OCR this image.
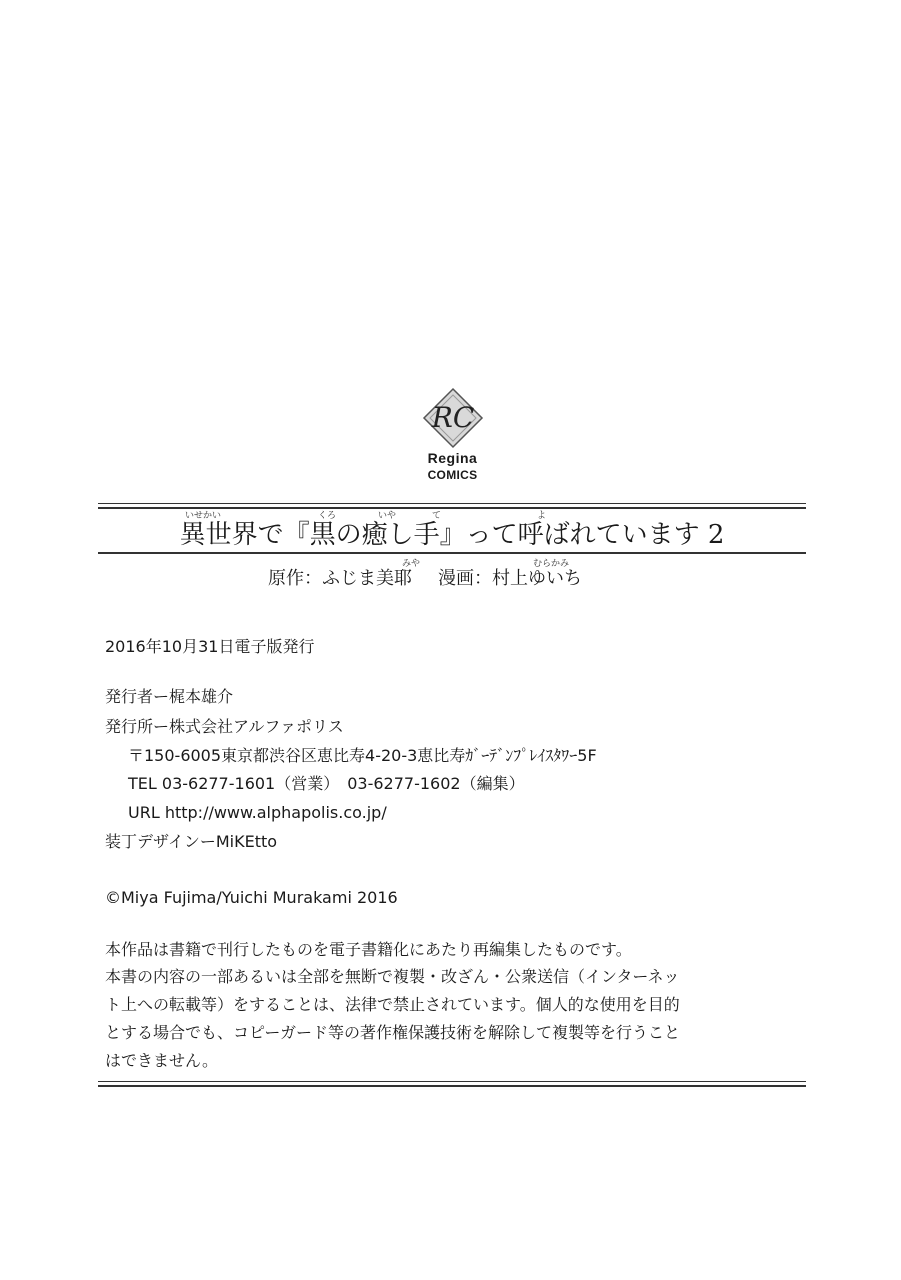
RC
Regina
COMICS
いせかい	くろ	いや	て	よ
異世界で『黒の癒し手』って呼ばれています 2
みや	むらかみ
原作：ふじま美耶 漫画：村上ゆいち
2016年10月31日電子版発行
発行者ー梶本雄介
発行所ー株式会社アルファポリス
〒150-6005東京都渋谷区恵比寿4-20-3恵比寿ｶﾞｰﾃﾞﾝﾌﾟﾚｲｽﾀﾜｰ5F
TEL 03-6277-1601（営業）　03-6277-1602（編集）
URL http://www.alphapolis.co.jp/
装丁デザインーMiKEtto
©Miya Fujima/Yuichi Murakami 2016
本作品は書籍で刊行したものを電子書籍化にあたり再編集したものです。
本書の内容の一部あるいは全部を無断で複製・改ざん・公衆送信（インターネッ
ト上への転載等）をすることは、法律で禁止されています。個人的な使用を目的
とする場合でも、コピーガード等の著作権保護技術を解除して複製等を行うこと
はできません。
